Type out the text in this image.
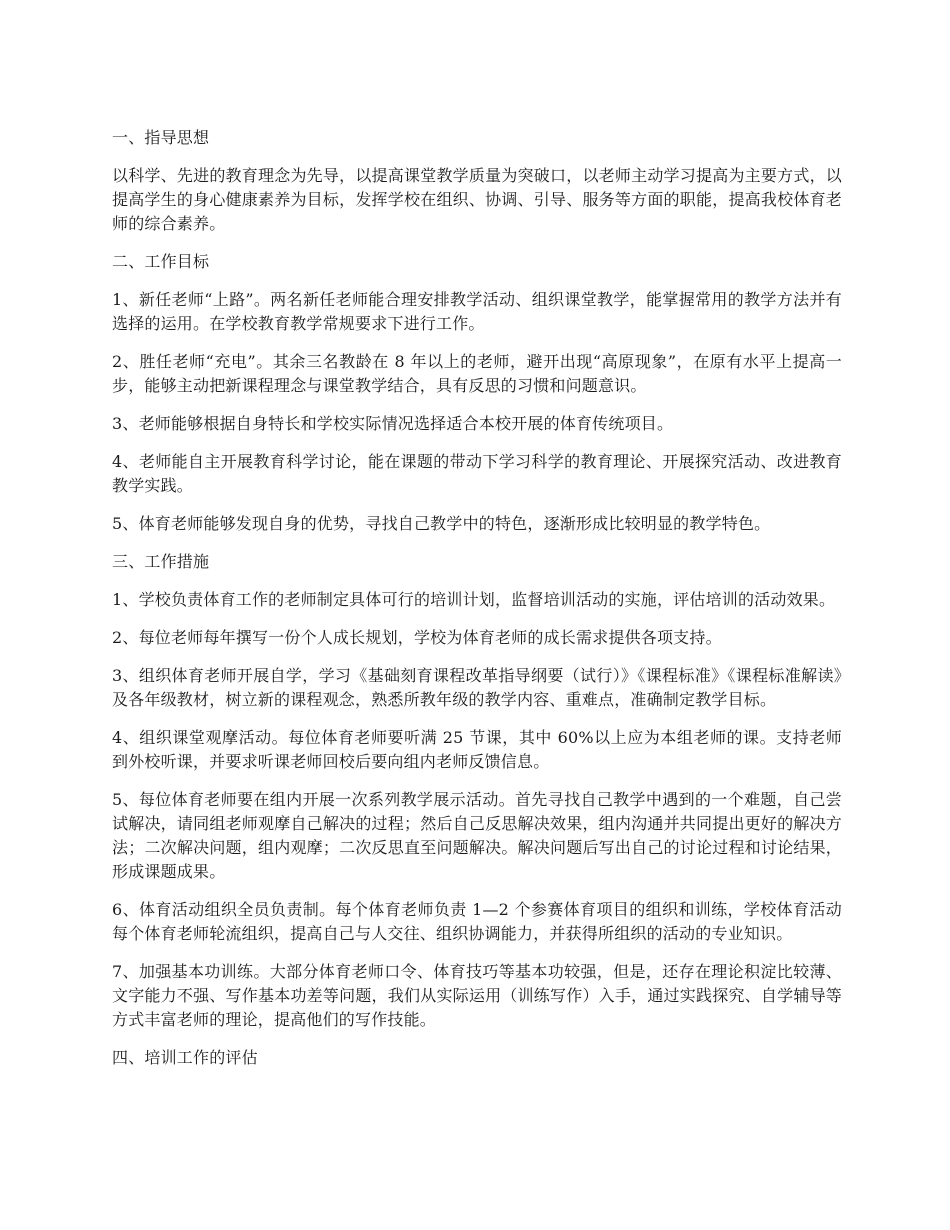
一、指导思想

以科学、先进的教育理念为先导，以提高课堂教学质量为突破口，以老师主动学习提高为主要方式，以提高学生的身心健康素养为目标，发挥学校在组织、协调、引导、服务等方面的职能，提高我校体育老师的综合素养。

二、工作目标

1、新任老师“上路”。两名新任老师能合理安排教学活动、组织课堂教学，能掌握常用的教学方法并有选择的运用。在学校教育教学常规要求下进行工作。

2、胜任老师“充电”。其余三名教龄在 8 年以上的老师，避开出现“高原现象”，在原有水平上提高一步，能够主动把新课程理念与课堂教学结合，具有反思的习惯和问题意识。

3、老师能够根据自身特长和学校实际情况选择适合本校开展的体育传统项目。

4、老师能自主开展教育科学讨论，能在课题的带动下学习科学的教育理论、开展探究活动、改进教育教学实践。

5、体育老师能够发现自身的优势，寻找自己教学中的特色，逐渐形成比较明显的教学特色。

三、工作措施

1、学校负责体育工作的老师制定具体可行的培训计划，监督培训活动的实施，评估培训的活动效果。

2、每位老师每年撰写一份个人成长规划，学校为体育老师的成长需求提供各项支持。

3、组织体育老师开展自学，学习《基础刻育课程改革指导纲要（试行）》《课程标准》《课程标准解读》及各年级教材，树立新的课程观念，熟悉所教年级的教学内容、重难点，准确制定教学目标。

4、组织课堂观摩活动。每位体育老师要听满 25 节课，其中 60%以上应为本组老师的课。支持老师到外校听课，并要求听课老师回校后要向组内老师反馈信息。

5、每位体育老师要在组内开展一次系列教学展示活动。首先寻找自己教学中遇到的一个难题，自己尝试解决，请同组老师观摩自己解决的过程；然后自己反思解决效果，组内沟通并共同提出更好的解决方法；二次解决问题，组内观摩；二次反思直至问题解决。解决问题后写出自己的讨论过程和讨论结果，形成课题成果。

6、体育活动组织全员负责制。每个体育老师负责 1—2 个参赛体育项目的组织和训练，学校体育活动每个体育老师轮流组织，提高自己与人交往、组织协调能力，并获得所组织的活动的专业知识。

7、加强基本功训练。大部分体育老师口令、体育技巧等基本功较强，但是，还存在理论积淀比较薄、文字能力不强、写作基本功差等问题，我们从实际运用（训练写作）入手，通过实践探究、自学辅导等方式丰富老师的理论，提高他们的写作技能。

四、培训工作的评估
